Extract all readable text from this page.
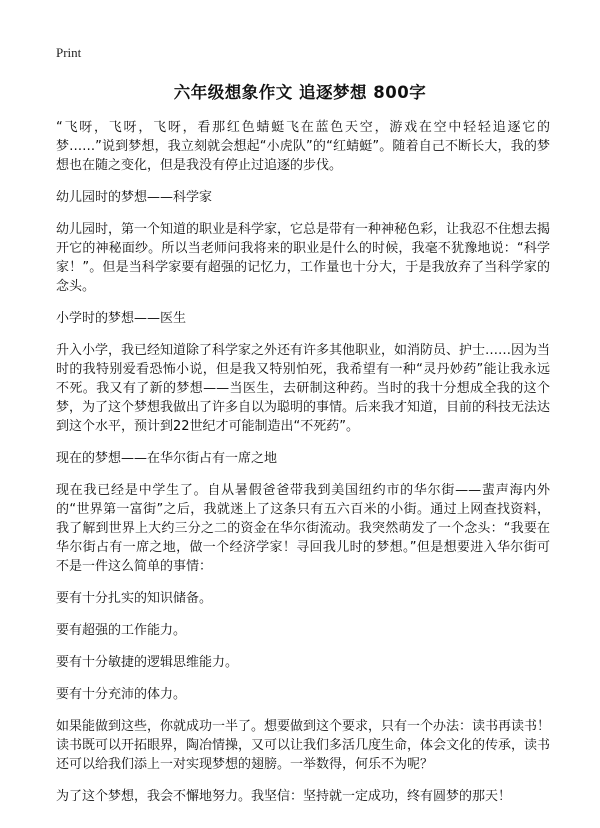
Print
六年级想象作文 追逐梦想 800字

“飞呀，飞呀，飞呀，看那红色蜻蜓飞在蓝色天空，游戏在空中轻轻追逐它的梦……”说到梦想，我立刻就会想起“小虎队”的“红蜻蜓”。随着自己不断长大，我的梦想也在随之变化，但是我没有停止过追逐的步伐。

幼儿园时的梦想——科学家

幼儿园时，第一个知道的职业是科学家，它总是带有一种神秘色彩，让我忍不住想去揭开它的神秘面纱。所以当老师问我将来的职业是什么的时候，我毫不犹豫地说：“科学家！”。但是当科学家要有超强的记忆力，工作量也十分大，于是我放弃了当科学家的念头。

小学时的梦想——医生

升入小学，我已经知道除了科学家之外还有许多其他职业，如消防员、护士……因为当时的我特别爱看恐怖小说，但是我又特别怕死，我希望有一种“灵丹妙药”能让我永远不死。我又有了新的梦想——当医生，去研制这种药。当时的我十分想成全我的这个梦，为了这个梦想我做出了许多自以为聪明的事情。后来我才知道，目前的科技无法达到这个水平，预计到22世纪才可能制造出“不死药”。

现在的梦想——在华尔街占有一席之地

现在我已经是中学生了。自从暑假爸爸带我到美国纽约市的华尔街——蜚声海内外的“世界第一富街”之后，我就迷上了这条只有五六百米的小街。通过上网查找资料，我了解到世界上大约三分之二的资金在华尔街流动。我突然萌发了一个念头：“我要在华尔街占有一席之地，做一个经济学家！寻回我儿时的梦想。”但是想要进入华尔街可不是一件这么简单的事情：

要有十分扎实的知识储备。

要有超强的工作能力。

要有十分敏捷的逻辑思维能力。

要有十分充沛的体力。

如果能做到这些，你就成功一半了。想要做到这个要求，只有一个办法：读书再读书！读书既可以开拓眼界，陶冶情操，又可以让我们多活几度生命，体会文化的传承，读书还可以给我们添上一对实现梦想的翅膀。一举数得，何乐不为呢？

为了这个梦想，我会不懈地努力。我坚信：坚持就一定成功，终有圆梦的那天！
